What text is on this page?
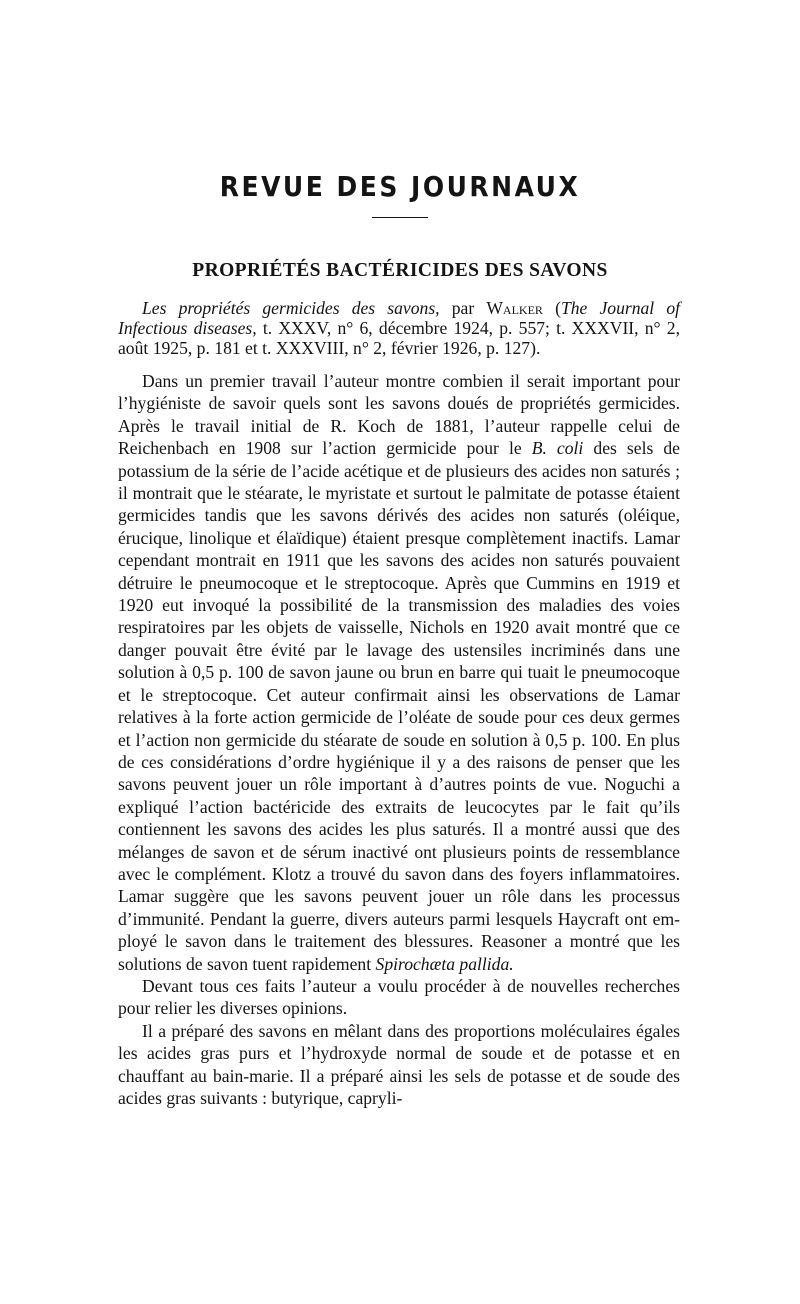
REVUE DES JOURNAUX
PROPRIÉTÉS BACTÉRICIDES DES SAVONS
Les propriétés germicides des savons, par Walker (The Journal of Infectious diseases, t. XXXV, n° 6, décembre 1924, p. 557; t. XXXVII, n° 2, août 1925, p. 181 et t. XXXVIII, n° 2, février 1926, p. 127).

Dans un premier travail l’auteur montre combien il serait important pour l’hygiéniste de savoir quels sont les savons doués de propriétés germicides. Après le travail initial de R. Koch de 1881, l’auteur rappelle celui de Reichenbach en 1908 sur l’action germicide pour le B. coli des sels de potassium de la série de l’acide acétique et de plusieurs des acides non saturés ; il montrait que le stéarate, le myristate et surtout le palmitate de potasse étaient germicides tandis que les savons dérivés des acides non saturés (oléique, érucique, linolique et élaïdique) étaient presque complètement inactifs. Lamar cependant montrait en 1911 que les savons des acides non saturés pouvaient détruire le pneumocoque et le streptocoque. Après que Cummins en 1919 et 1920 eut invoqué la possibilité de la transmission des maladies des voies respiratoires par les objets de vaisselle, Nichols en 1920 avait montré que ce danger pouvait être évité par le lavage des ustensiles incriminés dans une solution à 0,5 p. 100 de savon jaune ou brun en barre qui tuait le pneumocoque et le streptocoque. Cet auteur confirmait ainsi les observations de Lamar relatives à la forte action germicide de l’oléate de soude pour ces deux germes et l’action non germicide du stéarate de soude en solution à 0,5 p. 100. En plus de ces considérations d’ordre hygiénique il y a des raisons de penser que les savons peuvent jouer un rôle important à d’autres points de vue. Noguchi a expliqué l’action bactéricide des extraits de leucocytes par le fait qu’ils contiennent les savons des acides les plus saturés. Il a montré aussi que des mélanges de savon et de sérum inactivé ont plusieurs points de ressemblance avec le complément. Klotz a trouvé du savon dans des foyers inflammatoires. Lamar suggère que les savons peuvent jouer un rôle dans les processus d’immunité. Pendant la guerre, divers auteurs parmi lesquels Haycraft ont employé le savon dans le traitement des blessures. Reasoner a montré que les solutions de savon tuent rapidement Spirochæta pallida.

Devant tous ces faits l’auteur a voulu procéder à de nouvelles recherches pour relier les diverses opinions.

Il a préparé des savons en mêlant dans des proportions moléculaires égales les acides gras purs et l’hydroxyde normal de soude et de potasse et en chauffant au bain-marie. Il a préparé ainsi les sels de potasse et de soude des acides gras suivants : butyrique, capryli-
